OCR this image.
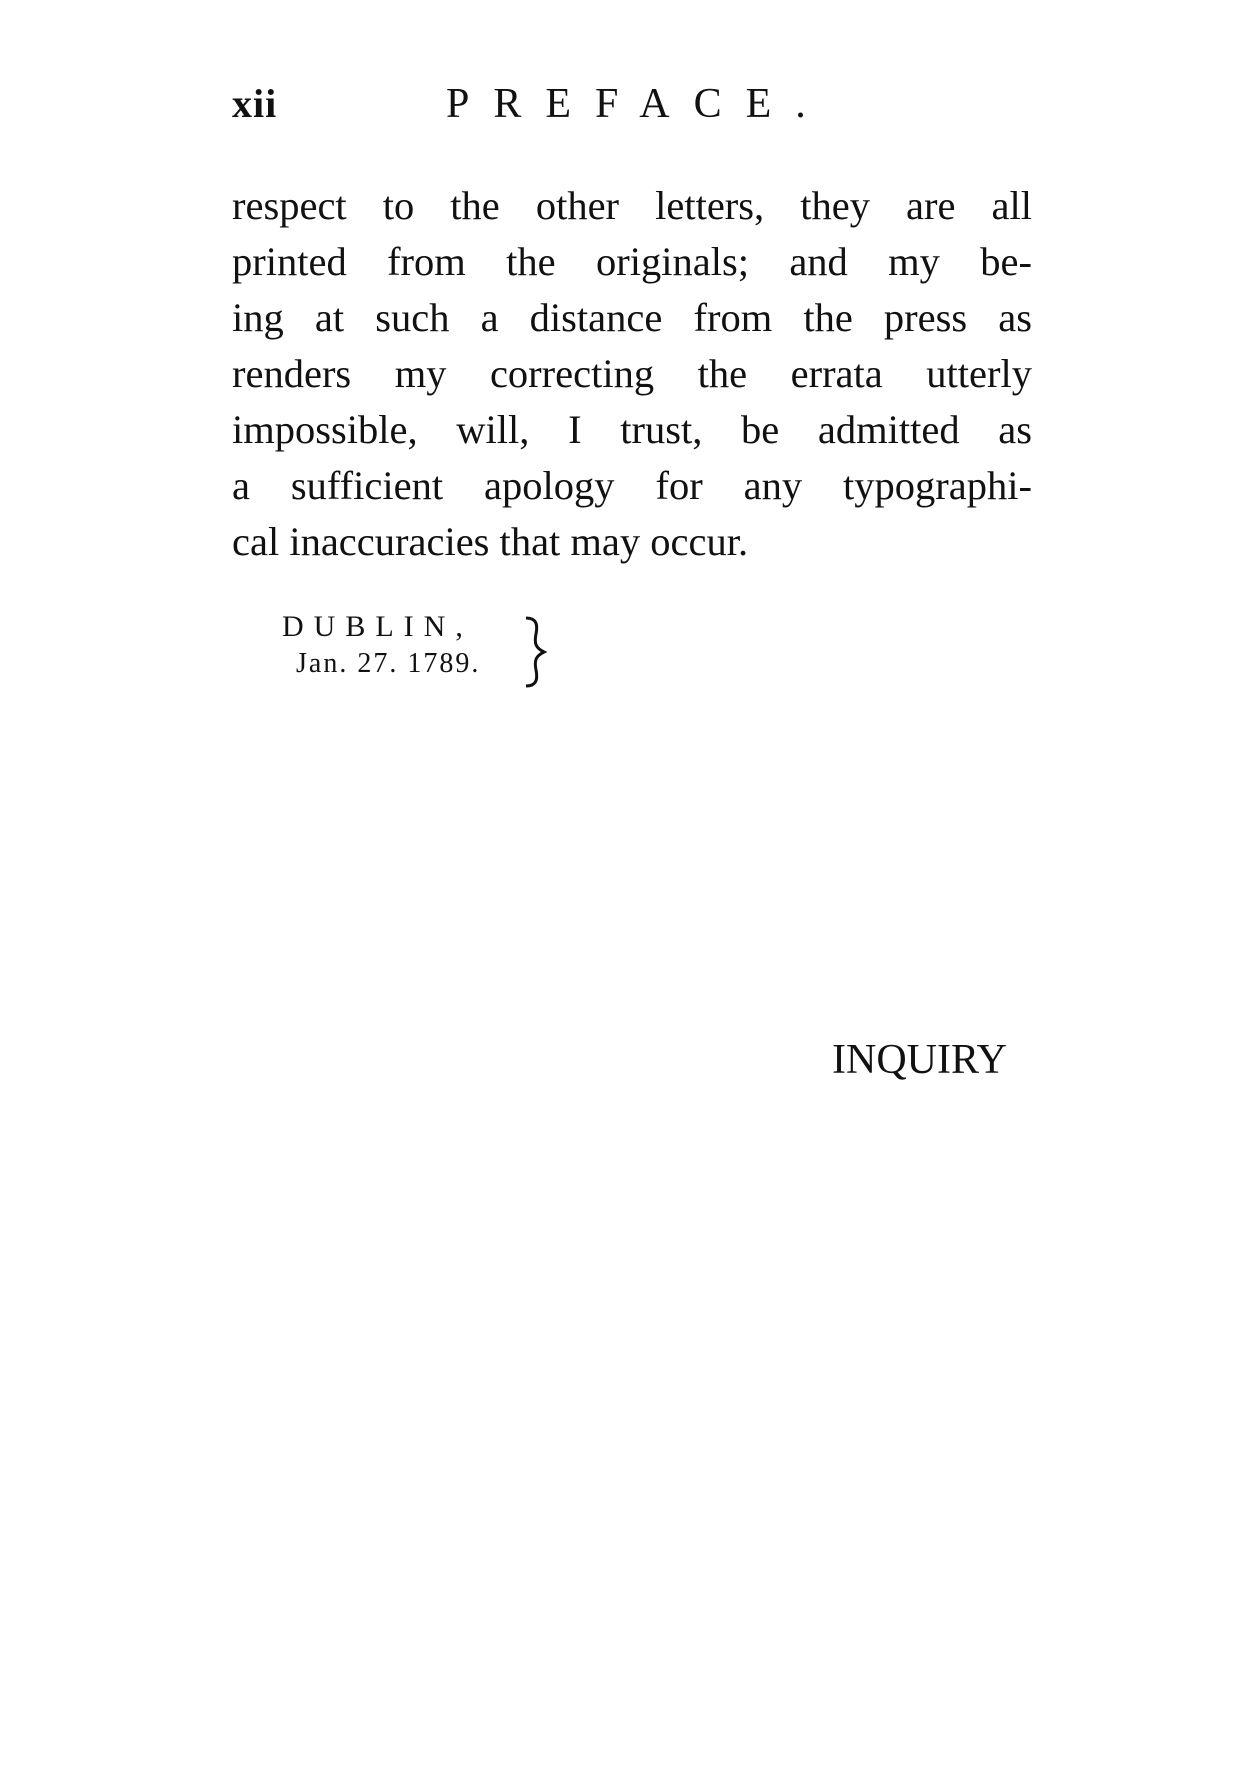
xii	PREFACE.
respect to the other letters, they are all
printed from the originals; and my be-
ing at such a distance from the press as
renders my correcting the errata utterly
impossible, will, I trust, be admitted as
a sufficient apology for any typographi-
cal inaccuracies that may occur.
DUBLIN,
Jan. 27. 1789.
INQUIRY
